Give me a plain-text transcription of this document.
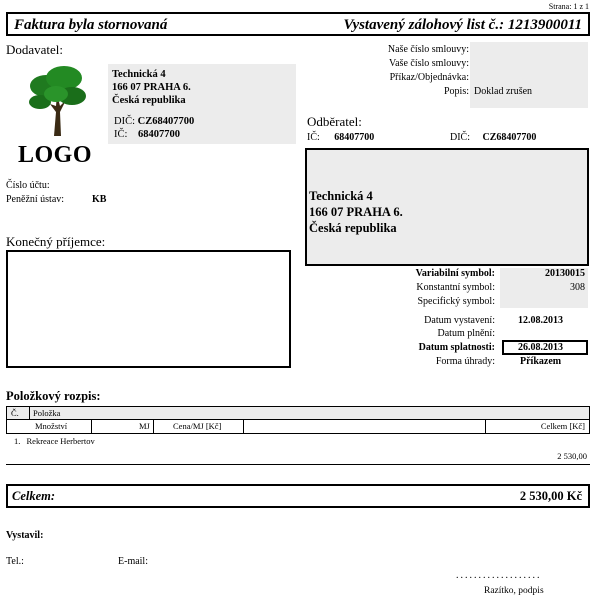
Strana: 1 z 1
Faktura byla stornovaná	Vystavený zálohový list č.: 1213900011
Dodavatel:
LOGO
Technická 4
166 07 PRAHA 6.
Česká republika
DIČ: CZ68407700
IČ: 68407700
Číslo účtu:
Peněžní ústav:	KB
Naše číslo smlouvy:
Vaše číslo smlouvy:
Příkaz/Objednávka:
Popis: Doklad zrušen
Odběratel:
IČ: 68407700	DIČ: CZ68407700
Technická 4
166 07 PRAHA 6.
Česká republika
Konečný příjemce:
Variabilní symbol:	20130015
Konstantní symbol:	308
Specifický symbol:
Datum vystavení: 12.08.2013
Datum plnění:
Datum splatnosti: 26.08.2013
Forma úhrady:	Příkazem
Položkový rozpis:
Č. Položka
Množství	MJ	Cena/MJ [Kč]	Celkem [Kč]
1. Rekreace Herbertov
2 530,00
Celkem:	2 530,00 Kč
Vystavil:
Tel.:	E-mail:
...................
Razítko, podpis
